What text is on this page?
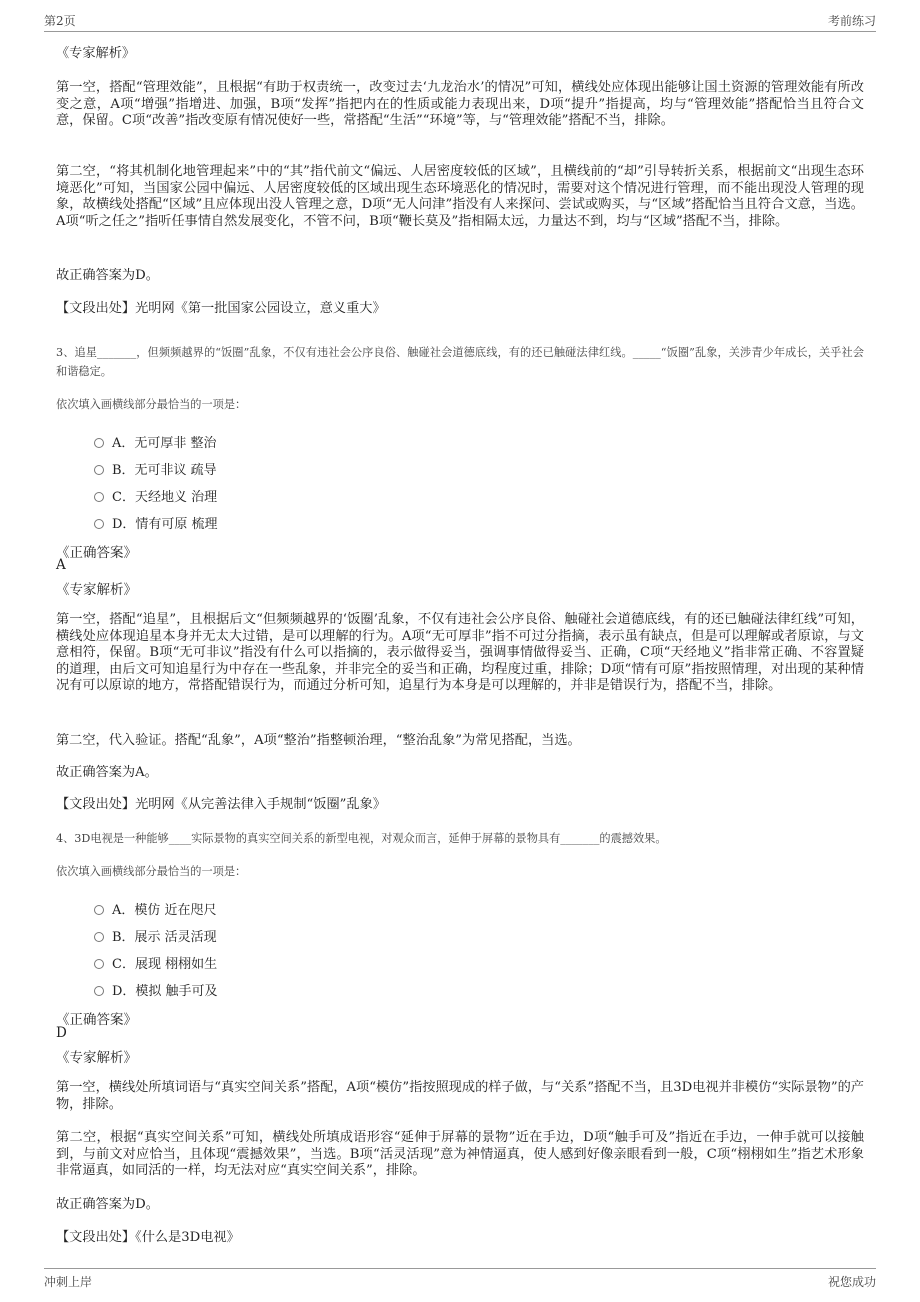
第2页	考前练习
《专家解析》
第一空，搭配“管理效能”，且根据“有助于权责统一，改变过去‘九龙治水’的情况”可知，横线处应体现出能够让国土资源的管理效能有所改变之意，A项“增强”指增进、加强，B项“发挥”指把内在的性质或能力表现出来，D项“提升”指提高，均与“管理效能”搭配恰当且符合文意，保留。C项“改善”指改变原有情况使好一些，常搭配“生活”“环境”等，与“管理效能”搭配不当，排除。
第二空，“将其机制化地管理起来”中的“其”指代前文“偏远、人居密度较低的区域”，且横线前的“却”引导转折关系，根据前文“出现生态环境恶化”可知，当国家公园中偏远、人居密度较低的区域出现生态环境恶化的情况时，需要对这个情况进行管理，而不能出现没人管理的现象，故横线处搭配“区域”且应体现出没人管理之意，D项“无人问津”指没有人来探问、尝试或购买，与“区域”搭配恰当且符合文意，当选。A项“听之任之”指听任事情自然发展变化，不管不问，B项“鞭长莫及”指相隔太远，力量达不到，均与“区域”搭配不当，排除。
故正确答案为D。
【文段出处】光明网《第一批国家公园设立，意义重大》
3、追星_______，但频频越界的“饭圈”乱象，不仅有违社会公序良俗、触碰社会道德底线，有的还已触碰法律红线。_____“饭圈”乱象，关涉青少年成长，关乎社会和谐稳定。
依次填入画横线部分最恰当的一项是：
A．无可厚非 整治
B．无可非议 疏导
C．天经地义 治理
D．情有可原 梳理
《正确答案》
A
《专家解析》
第一空，搭配“追星”，且根据后文“但频频越界的‘饭圈’乱象，不仅有违社会公序良俗、触碰社会道德底线，有的还已触碰法律红线”可知，横线处应体现追星本身并无太大过错，是可以理解的行为。A项“无可厚非”指不可过分指摘，表示虽有缺点，但是可以理解或者原谅，与文意相符，保留。B项“无可非议”指没有什么可以指摘的，表示做得妥当，强调事情做得妥当、正确，C项“天经地义”指非常正确、不容置疑的道理，由后文可知追星行为中存在一些乱象，并非完全的妥当和正确，均程度过重，排除；D项“情有可原”指按照情理，对出现的某种情况有可以原谅的地方，常搭配错误行为，而通过分析可知，追星行为本身是可以理解的，并非是错误行为，搭配不当，排除。
第二空，代入验证。搭配“乱象”，A项“整治”指整顿治理，“整治乱象”为常见搭配，当选。
故正确答案为A。
【文段出处】光明网《从完善法律入手规制“饭圈”乱象》
4、3D电视是一种能够____实际景物的真实空间关系的新型电视，对观众而言，延伸于屏幕的景物具有_______的震撼效果。
依次填入画横线部分最恰当的一项是：
A．模仿 近在咫尺
B．展示 活灵活现
C．展现 栩栩如生
D．模拟 触手可及
《正确答案》
D
《专家解析》
第一空，横线处所填词语与“真实空间关系”搭配，A项“模仿”指按照现成的样子做，与“关系”搭配不当，且3D电视并非模仿“实际景物”的产物，排除。
第二空，根据“真实空间关系”可知，横线处所填成语形容“延伸于屏幕的景物”近在手边，D项“触手可及”指近在手边，一伸手就可以接触到，与前文对应恰当，且体现“震撼效果”，当选。B项“活灵活现”意为神情逼真，使人感到好像亲眼看到一般，C项“栩栩如生”指艺术形象非常逼真，如同活的一样，均无法对应“真实空间关系”，排除。
故正确答案为D。
【文段出处】《什么是3D电视》
冲刺上岸	祝您成功
